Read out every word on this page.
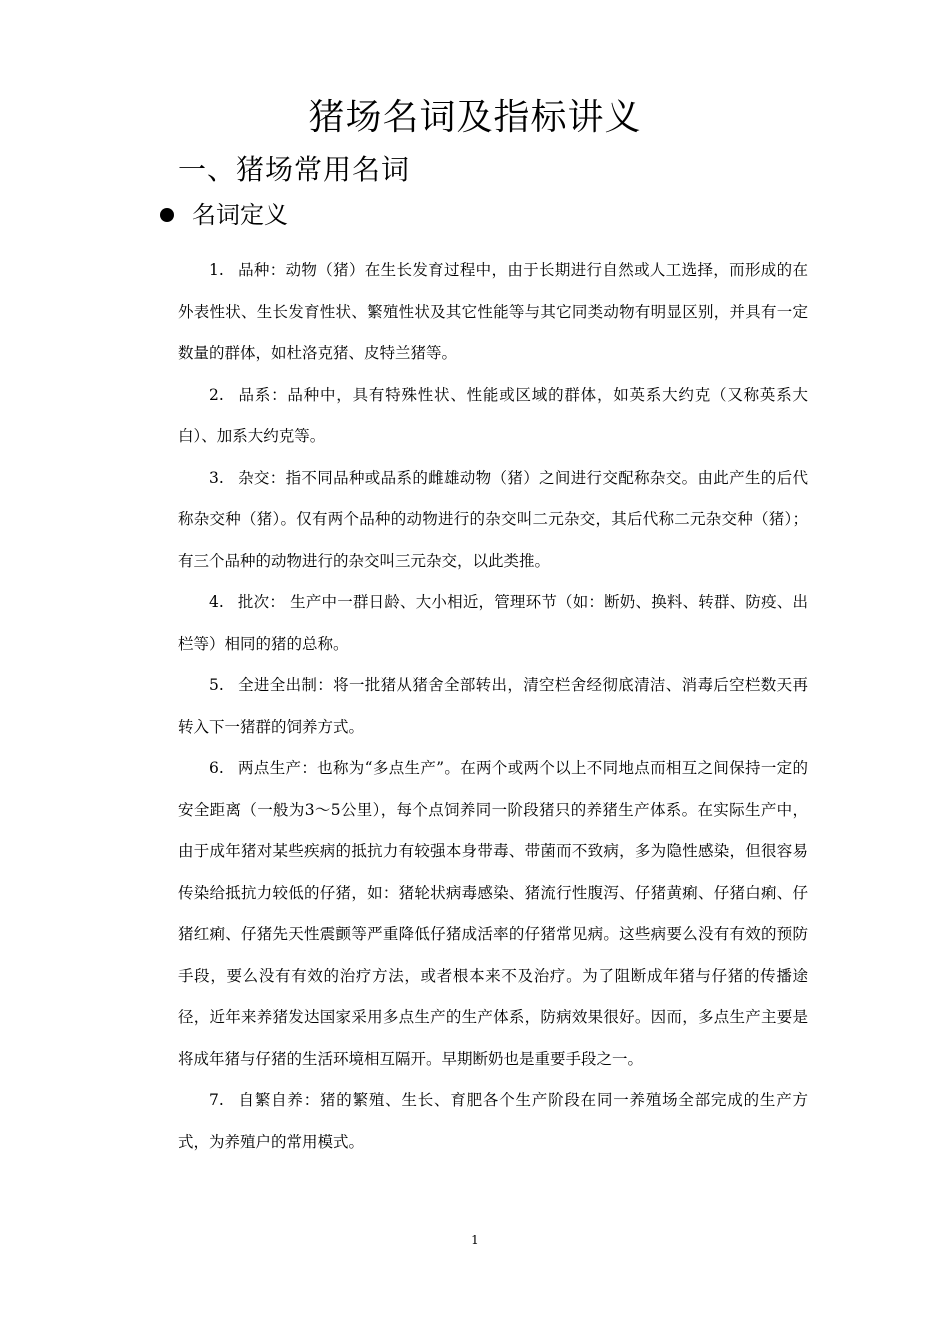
猪场名词及指标讲义
一、猪场常用名词
名词定义

1. 品种：动物（猪）在生长发育过程中，由于长期进行自然或人工选择，而形成的在外表性状、生长发育性状、繁殖性状及其它性能等与其它同类动物有明显区别，并具有一定数量的群体，如杜洛克猪、皮特兰猪等。

2. 品系：品种中，具有特殊性状、性能或区域的群体，如英系大约克（又称英系大白）、加系大约克等。

3. 杂交：指不同品种或品系的雌雄动物（猪）之间进行交配称杂交。由此产生的后代称杂交种（猪）。仅有两个品种的动物进行的杂交叫二元杂交，其后代称二元杂交种（猪）；有三个品种的动物进行的杂交叫三元杂交，以此类推。

4. 批次： 生产中一群日龄、大小相近，管理环节（如：断奶、换料、转群、防疫、出栏等）相同的猪的总称。

5. 全进全出制：将一批猪从猪舍全部转出，清空栏舍经彻底清洁、消毒后空栏数天再转入下一猪群的饲养方式。

6. 两点生产：也称为“多点生产”。在两个或两个以上不同地点而相互之间保持一定的安全距离（一般为3～5公里），每个点饲养同一阶段猪只的养猪生产体系。在实际生产中，由于成年猪对某些疾病的抵抗力有较强本身带毒、带菌而不致病，多为隐性感染，但很容易传染给抵抗力较低的仔猪，如：猪轮状病毒感染、猪流行性腹泻、仔猪黄痢、仔猪白痢、仔猪红痢、仔猪先天性震颤等严重降低仔猪成活率的仔猪常见病。这些病要么没有有效的预防手段，要么没有有效的治疗方法，或者根本来不及治疗。为了阻断成年猪与仔猪的传播途径，近年来养猪发达国家采用多点生产的生产体系，防病效果很好。因而，多点生产主要是将成年猪与仔猪的生活环境相互隔开。早期断奶也是重要手段之一。

7. 自繁自养：猪的繁殖、生长、育肥各个生产阶段在同一养殖场全部完成的生产方式，为养殖户的常用模式。

1
